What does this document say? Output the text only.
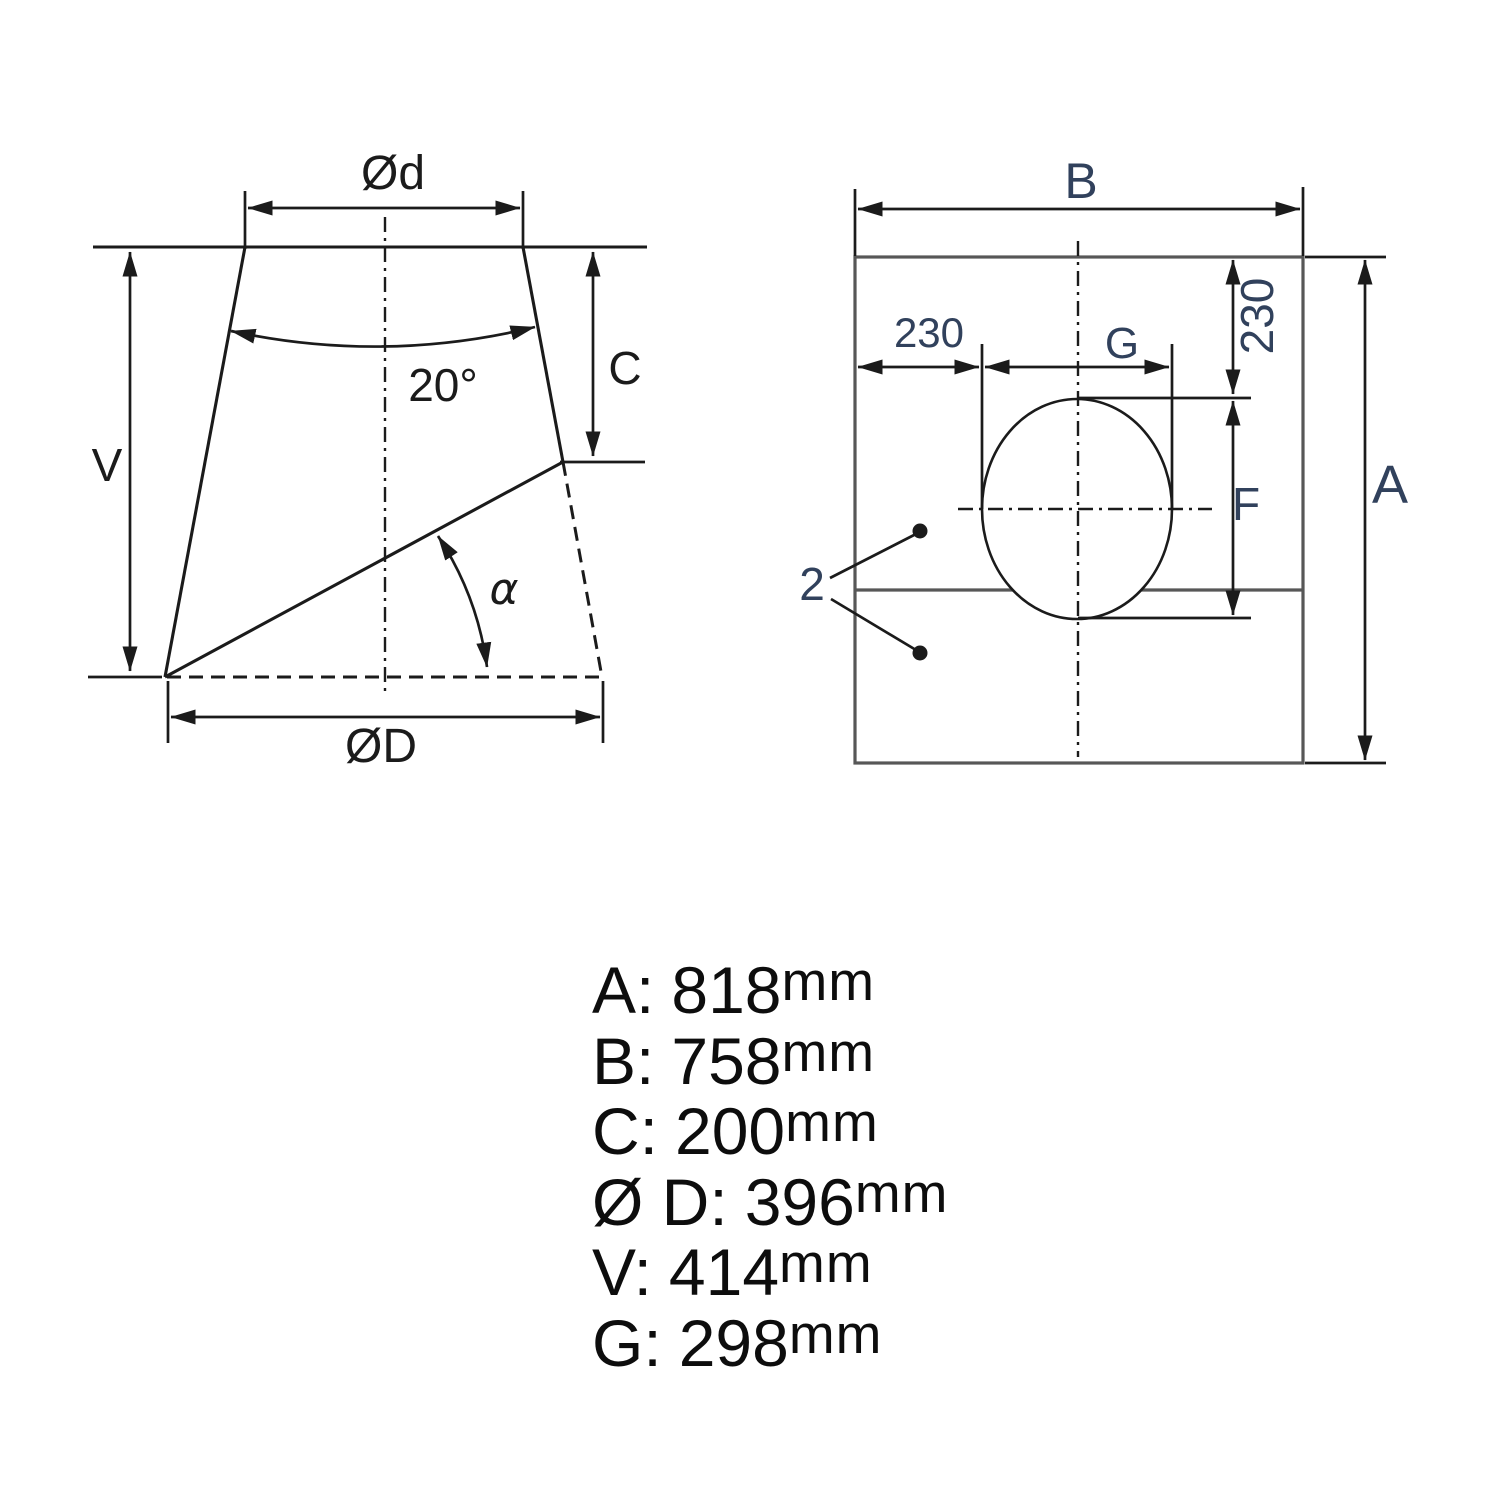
Ød
V
C
20°
α
ØD
B
A
230	G 230
F
2
A: 818mm
B: 758mm
C: 200mm
Ø D: 396mm
V: 414mm
G: 298mm
